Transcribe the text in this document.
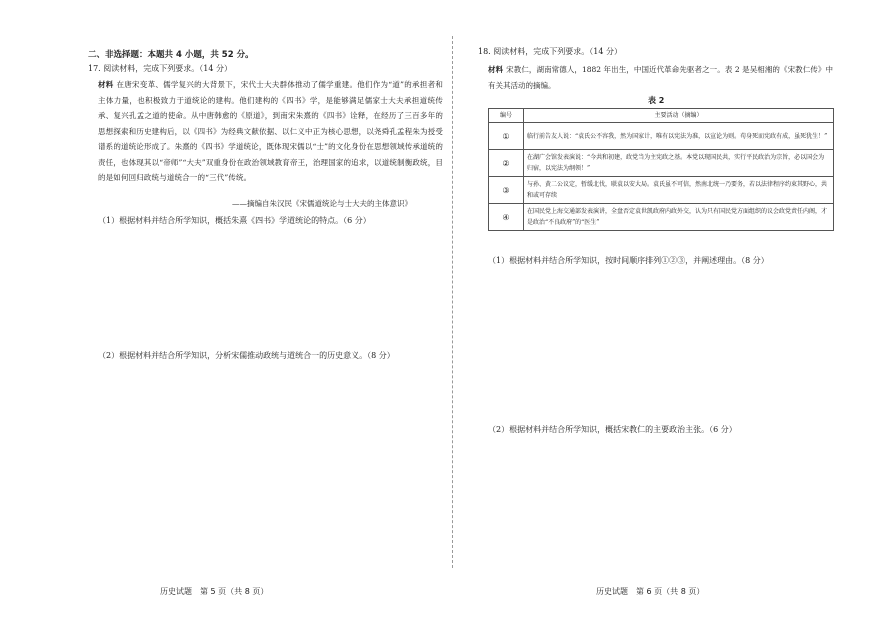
二、非选择题：本题共 4 小题，共 52 分。
17. 阅读材料，完成下列要求。（14 分）
材料 在唐宋变革、儒学复兴的大背景下，宋代士大夫群体推动了儒学重建。他们作为“道”的承担者和主体力量，也积极致力于道统论的建构。他们建构的《四书》学，是能够满足儒家士大夫承担道统传承、复兴孔孟之道的使命。从中唐韩愈的《原道》，到南宋朱熹的《四书》诠释，在经历了三百多年的思想探索和历史建构后，以《四书》为经典文献依据、以仁义中正为核心思想，以尧舜孔孟程朱为授受谱系的道统论形成了。朱熹的《四书》学道统论，既体现宋儒以“士”的文化身份在思想领域传承道统的责任，也体现其以“帝师”“大夫”双重身份在政治领域教育帝王，治理国家的追求，以道统制衡政统，目的是如何回归政统与道统合一的“三代”传统。
——摘编自朱汉民《宋儒道统论与士大夫的主体意识》
（1）根据材料并结合所学知识，概括朱熹《四书》学道统论的特点。（6 分）
（2）根据材料并结合所学知识，分析宋儒推动政统与道统合一的历史意义。（8 分）
历史试题　第 5 页（共 8 页）
18. 阅读材料，完成下列要求。（14 分）
材料 宋教仁，湖南常德人，1882 年出生，中国近代革命先驱者之一。表 2 是吴相湘的《宋教仁传》中有关其活动的摘编。
表 2
编号	主要活动（摘编）
①	临行前告友人说：“袁氏公不容我，然为国家计，唯有以宪法为准，以宣论为则。苟身死而宪政有成，虽死犹生！”
②	在湖广会馆发表演说：“今共和初建，政党当为主宪政之基。本党以现国民共，实行平民政治为宗旨，必以国会为归宿，以宪法为纲领！”
③	与孙、黄二公议定，暂缓北伐，联袁以安大局。袁氏虽不可信，然南北统一乃要务，若以法律程序约束其野心，共和或可存续
④	在国民党上海交通部发表演讲，全盘否定袁世凯政府内政外交，认为只有国民党方面组织的议会政党责任内阁，才是政治“不良政府”的“医生”
（1）根据材料并结合所学知识，按时间顺序排列①②③，并阐述理由。（8 分）
（2）根据材料并结合所学知识，概括宋教仁的主要政治主张。（6 分）
历史试题　第 6 页（共 8 页）
